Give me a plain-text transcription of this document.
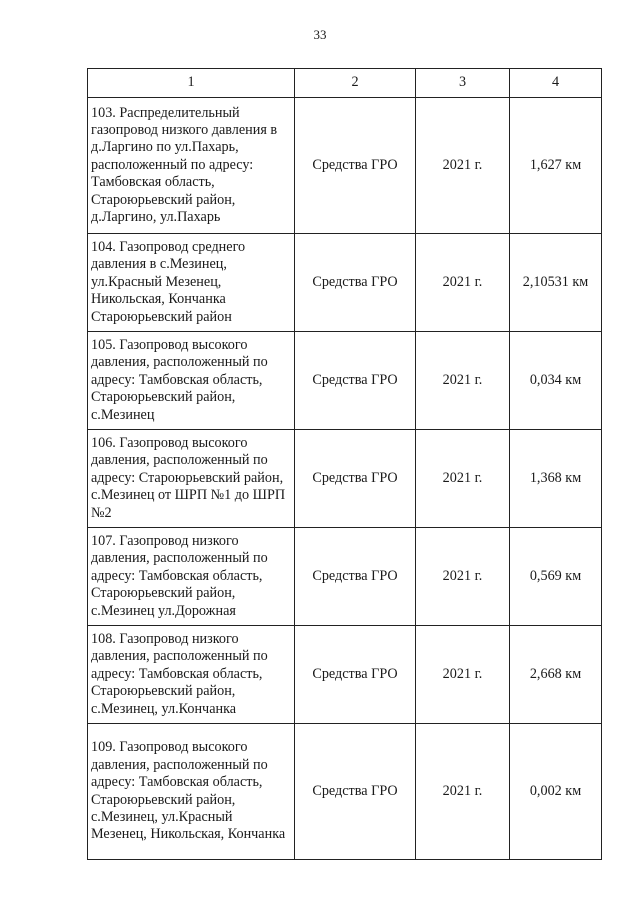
33
1	2	3	4
103. Распределительный газопровод низкого давления в д.Ларгино по ул.Пахарь, расположенный по адресу: Тамбовская область, Староюрьевский район, д.Ларгино, ул.Пахарь	Средства ГРО	2021 г.	1,627 км
104. Газопровод среднего давления в с.Мезинец, ул.Красный Мезенец, Никольская, Кончанка Староюрьевский район	Средства ГРО	2021 г.	2,10531 км
105. Газопровод высокого давления, расположенный по адресу: Тамбовская область, Староюрьевский район, с.Мезинец	Средства ГРО	2021 г.	0,034 км
106. Газопровод высокого давления, расположенный по адресу: Староюрьевский район, с.Мезинец от ШРП №1 до ШРП №2	Средства ГРО	2021 г.	1,368 км
107. Газопровод низкого давления, расположенный по адресу: Тамбовская область, Староюрьевский район, с.Мезинец ул.Дорожная	Средства ГРО	2021 г.	0,569 км
108. Газопровод низкого давления, расположенный по адресу: Тамбовская область, Староюрьевский район, с.Мезинец, ул.Кончанка	Средства ГРО	2021 г.	2,668 км
109. Газопровод высокого давления, расположенный по адресу: Тамбовская область, Староюрьевский район, с.Мезинец, ул.Красный Мезенец, Никольская, Кончанка	Средства ГРО	2021 г.	0,002 км
